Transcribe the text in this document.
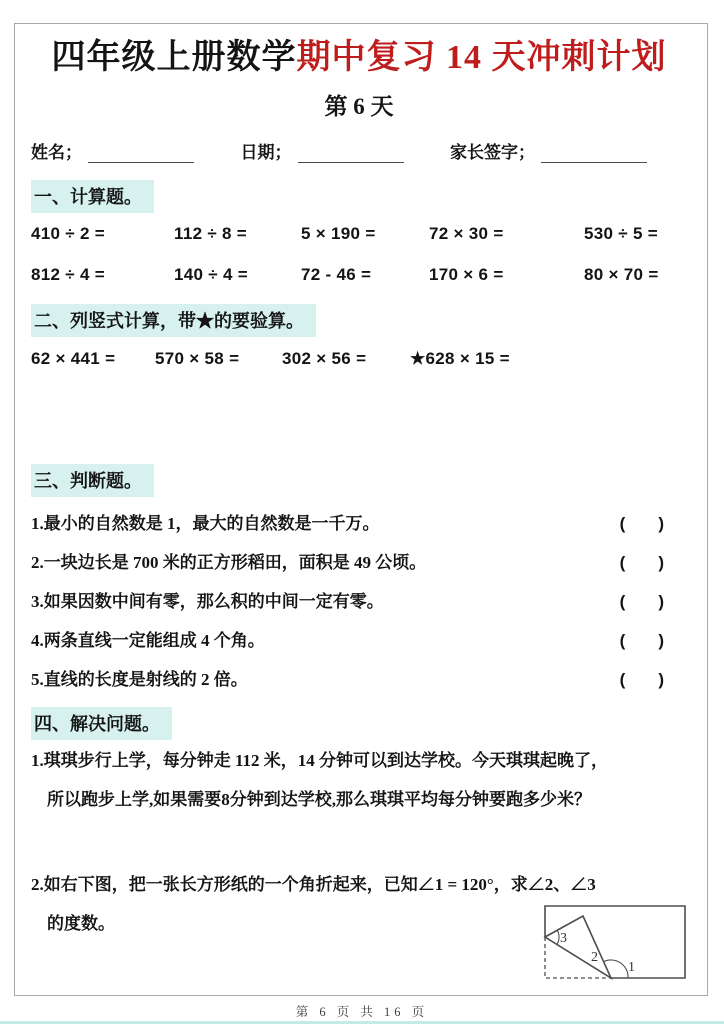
四年级上册数学期中复习 14 天冲刺计划
第 6 天
姓名；	日期；	家长签字；
一、计算题。
410 ÷ 2 =	112 ÷ 8 =	5 × 190 =	72 × 30 =	530 ÷ 5 =
812 ÷ 4 =	140 ÷ 4 =	72 - 46 =	170 × 6 =	80 × 70 =
二、列竖式计算，带★的要验算。
62 × 441 =	570 × 58 =	302 × 56 =	★628 × 15 =
三、判断题。
1.最小的自然数是 1，最大的自然数是一千万。	(       )
2.一块边长是 700 米的正方形稻田，面积是 49 公顷。	(       )
3.如果因数中间有零，那么积的中间一定有零。	(       )
4.两条直线一定能组成 4 个角。	(       )
5.直线的长度是射线的 2 倍。	(       )
四、解决问题。
1.琪琪步行上学，每分钟走 112 米，14 分钟可以到达学校。今天琪琪起晚了，
所以跑步上学,如果需要8分钟到达学校,那么琪琪平均每分钟要跑多少米？
2.如右下图，把一张长方形纸的一个角折起来，已知∠1 = 120°，求∠2、∠3
的度数。
3
2
1
第 6 页 共 16 页
